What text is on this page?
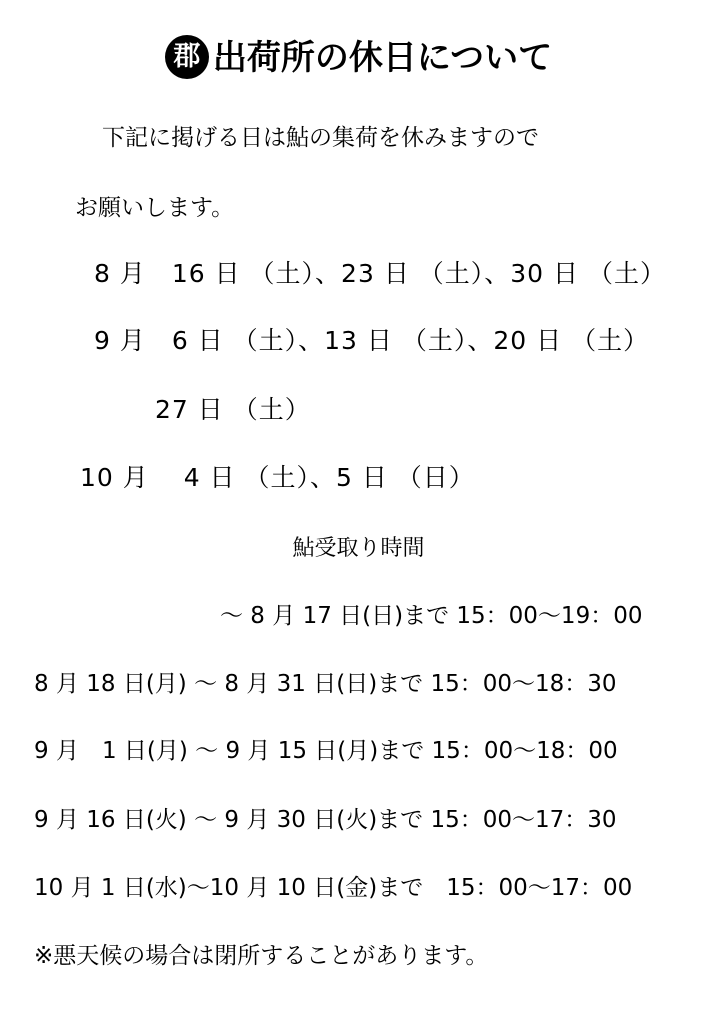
郡 出荷所の休日について
下記に掲げる日は鮎の集荷を休みますので
お願いします。
8 月　16 日 （土）、23 日 （土）、30 日 （土）
9 月　6 日 （土）、13 日 （土）、20 日 （土）
27 日 （土）
10 月　 4 日 （土）、5 日 （日）
鮎受取り時間
～ 8 月 17 日(日)まで 15：00～19：00
8 月 18 日(月) ～ 8 月 31 日(日)まで 15：00～18：30
9 月　1 日(月) ～ 9 月 15 日(月)まで 15：00～18：00
9 月 16 日(火) ～ 9 月 30 日(火)まで 15：00～17：30
10 月 1 日(水)～10 月 10 日(金)まで　15：00～17：00
※悪天候の場合は閉所することがあります。
